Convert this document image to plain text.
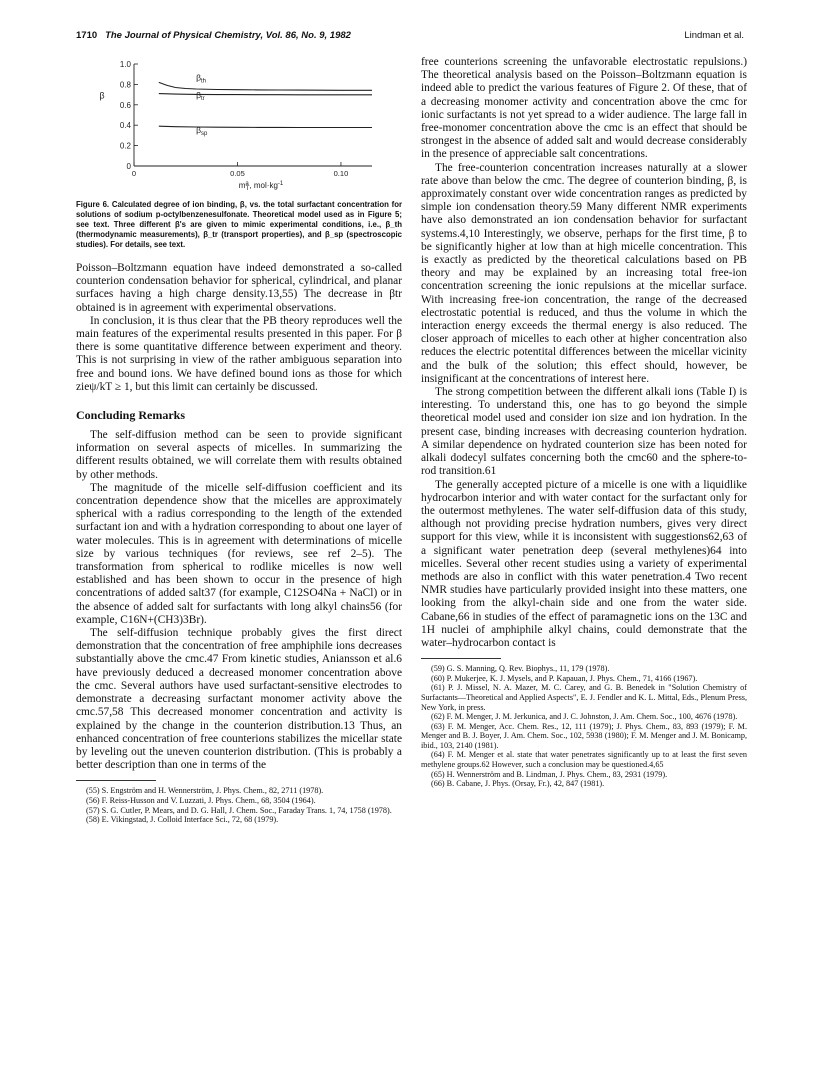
1710 The Journal of Physical Chemistry, Vol. 86, No. 9, 1982	Lindman et al.
0
0.2
0.4
0.6
0.8
1.0
0	0.05	0.10
β
$m^a$ T, $mol\cdot kg^{-1}$
$\beta_{th}$
$\beta_{tr}$
$\beta_{sp}$
Figure 6. Calculated degree of ion binding, β, vs. the total surfactant concentration for solutions of sodium p-octylbenzenesulfonate. Theoretical model used as in Figure 5; see text. Three different β's are given to mimic experimental conditions, i.e., β_th (thermodynamic measurements), β_tr (transport properties), and β_sp (spectroscopic studies). For details, see text.

Poisson–Boltzmann equation have indeed demonstrated a so-called counterion condensation behavior for spherical, cylindrical, and planar surfaces having a high charge density.13,55) The decrease in βtr obtained is in agreement with experimental observations.

In conclusion, it is thus clear that the PB theory reproduces well the main features of the experimental results presented in this paper. For β there is some quantitative difference between experiment and theory. This is not surprising in view of the rather ambiguous separation into free and bound ions. We have defined bound ions as those for which zieψ/kT ≥ 1, but this limit can certainly be discussed.

Concluding Remarks

The self-diffusion method can be seen to provide significant information on several aspects of micelles. In summarizing the different results obtained, we will correlate them with results obtained by other methods.

The magnitude of the micelle self-diffusion coefficient and its concentration dependence show that the micelles are approximately spherical with a radius corresponding to the length of the extended surfactant ion and with a hydration corresponding to about one layer of water molecules. This is in agreement with determinations of micelle size by various techniques (for reviews, see ref 2–5). The transformation from spherical to rodlike micelles is now well established and has been shown to occur in the presence of high concentrations of added salt37 (for example, C12SO4Na + NaCl) or in the absence of added salt for surfactants with long alkyl chains56 (for example, C16N+(CH3)3Br).

The self-diffusion technique probably gives the first direct demonstration that the concentration of free amphiphile ions decreases substantially above the cmc.47 From kinetic studies, Aniansson et al.6 have previously deduced a decreased monomer concentration above the cmc. Several authors have used surfactant-sensitive electrodes to demonstrate a decreasing surfactant monomer activity above the cmc.57,58 This decreased monomer concentration and activity is explained by the change in the counterion distribution.13 Thus, an enhanced concentration of free counterions stabilizes the micellar state by leveling out the uneven counterion distribution. (This is probably a better description than one in terms of the

(55) S. Engström and H. Wennerström, J. Phys. Chem., 82, 2711 (1978).
(56) F. Reiss-Husson and V. Luzzati, J. Phys. Chem., 68, 3504 (1964).
(57) S. G. Cutler, P. Mears, and D. G. Hall, J. Chem. Soc., Faraday Trans. 1, 74, 1758 (1978).
(58) E. Vikingstad, J. Colloid Interface Sci., 72, 68 (1979).

free counterions screening the unfavorable electrostatic repulsions.) The theoretical analysis based on the Poisson–Boltzmann equation is indeed able to predict the various features of Figure 2. Of these, that of a decreasing monomer activity and concentration above the cmc for ionic surfactants is not yet spread to a wider audience. The large fall in free-monomer concentration above the cmc is an effect that should be strongest in the absence of added salt and would decrease considerably in the presence of appreciable salt concentrations.

The free-counterion concentration increases naturally at a slower rate above than below the cmc. The degree of counterion binding, β, is approximately constant over wide concentration ranges as predicted by simple ion condensation theory.59 Many different NMR experiments have also demonstrated an ion condensation behavior for surfactant systems.4,10 Interestingly, we observe, perhaps for the first time, β to be significantly higher at low than at high micelle concentration. This is exactly as predicted by the theoretical calculations based on PB theory and may be explained by an increasing total free-ion concentration screening the ionic repulsions at the micellar surface. With increasing free-ion concentration, the range of the decreased electrostatic potential is reduced, and thus the volume in which the interaction energy exceeds the thermal energy is also reduced. The closer approach of micelles to each other at higher concentration also reduces the electric potentital differences between the micellar vicinity and the bulk of the solution; this effect should, however, be insignificant at the concentrations of interest here.

The strong competition between the different alkali ions (Table I) is interesting. To understand this, one has to go beyond the simple theoretical model used and consider ion size and ion hydration. In the present case, binding increases with decreasing counterion hydration. A similar dependence on hydrated counterion size has been noted for alkali dodecyl sulfates concerning both the cmc60 and the sphere-to-rod transition.61

The generally accepted picture of a micelle is one with a liquidlike hydrocarbon interior and with water contact for the surfactant only for the outermost methylenes. The water self-diffusion data of this study, although not providing precise hydration numbers, gives very direct support for this view, while it is inconsistent with suggestions62,63 of a significant water penetration deep (several methylenes)64 into micelles. Several other recent studies using a variety of experimental methods are also in conflict with this water penetration.4 Two recent NMR studies have particularly provided insight into these matters, one looking from the alkyl-chain side and one from the water side. Cabane,66 in studies of the effect of paramagnetic ions on the 13C and 1H nuclei of amphiphile alkyl chains, could demonstrate that the water–hydrocarbon contact is

(59) G. S. Manning, Q. Rev. Biophys., 11, 179 (1978).
(60) P. Mukerjee, K. J. Mysels, and P. Kapauan, J. Phys. Chem., 71, 4166 (1967).
(61) P. J. Missel, N. A. Mazer, M. C. Carey, and G. B. Benedek in "Solution Chemistry of Surfactants—Theoretical and Applied Aspects", E. J. Fendler and K. L. Mittal, Eds., Plenum Press, New York, in press.
(62) F. M. Menger, J. M. Jerkunica, and J. C. Johnston, J. Am. Chem. Soc., 100, 4676 (1978).
(63) F. M. Menger, Acc. Chem. Res., 12, 111 (1979); J. Phys. Chem., 83, 893 (1979); F. M. Menger and B. J. Boyer, J. Am. Chem. Soc., 102, 5938 (1980); F. M. Menger and J. M. Bonicamp, ibid., 103, 2140 (1981).
(64) F. M. Menger et al. state that water penetrates significantly up to at least the first seven methylene groups.62 However, such a conclusion may be questioned.4,65
(65) H. Wennerström and B. Lindman, J. Phys. Chem., 83, 2931 (1979).
(66) B. Cabane, J. Phys. (Orsay, Fr.), 42, 847 (1981).
